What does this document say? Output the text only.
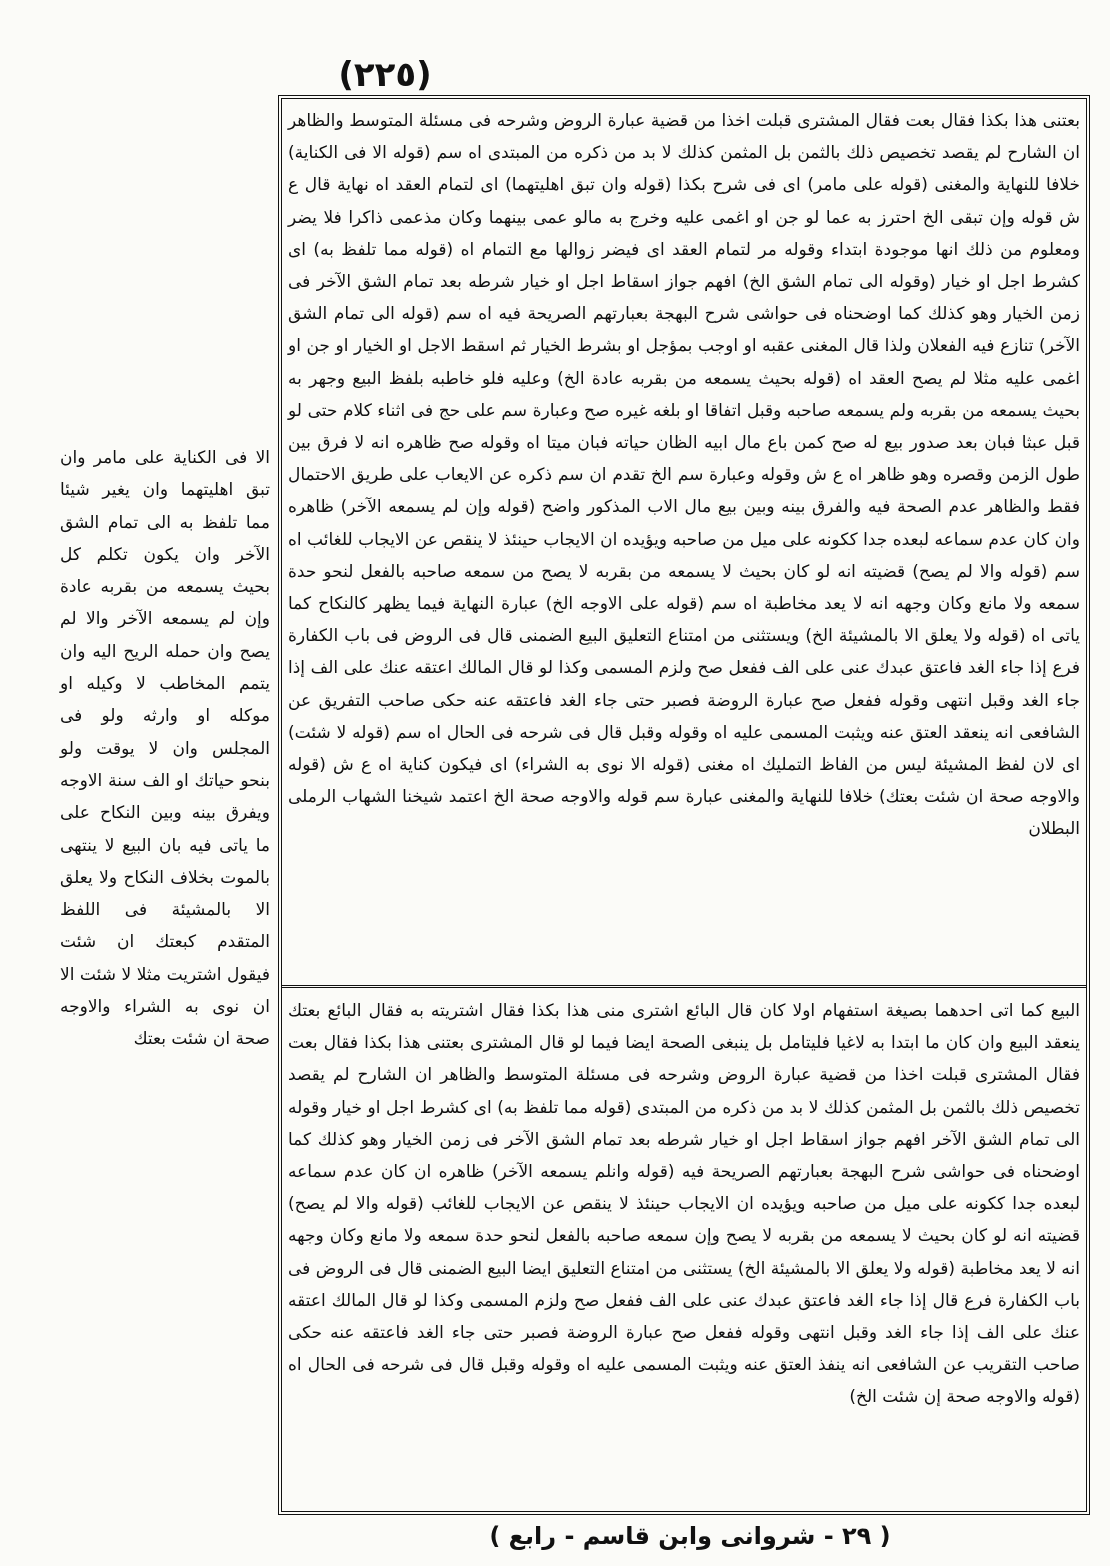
(٢٢٥)

الا فى الكناية على مامر وان تبق اهليتهما وان يغير شيئا مما تلفظ به الى تمام الشق الآخر وان يكون تكلم كل بحيث يسمعه من بقربه عادة وإن لم يسمعه الآخر والا لم يصح وان حمله الريح اليه وان يتمم المخاطب لا وكيله او موكله او وارثه ولو فى المجلس وان لا يوقت ولو بنحو حياتك او الف سنة الاوجه ويفرق بينه وبين النكاح على ما ياتى فيه بان البيع لا ينتهى بالموت بخلاف النكاح ولا يعلق الا بالمشيئة فى اللفظ المتقدم كبعتك ان شئت فيقول اشتريت مثلا لا شئت الا ان نوى به الشراء والاوجه صحة ان شئت بعتك

بعتنى هذا بكذا فقال بعت فقال المشترى قبلت اخذا من قضية عبارة الروض وشرحه فى مسئلة المتوسط والظاهر ان الشارح لم يقصد تخصيص ذلك بالثمن بل المثمن كذلك لا بد من ذكره من المبتدى اه سم (قوله الا فى الكناية) خلافا للنهاية والمغنى (قوله على مامر) اى فى شرح بكذا (قوله وان تبق اهليتهما) اى لتمام العقد اه نهاية قال ع ش قوله وإن تبقى الخ احترز به عما لو جن او اغمى عليه وخرج به مالو عمى بينهما وكان مذعمى ذاكرا فلا يضر ومعلوم من ذلك انها موجودة ابتداء وقوله مر لتمام العقد اى فيضر زوالها مع التمام اه (قوله مما تلفظ به) اى كشرط اجل او خيار (وقوله الى تمام الشق الخ) افهم جواز اسقاط اجل او خيار شرطه بعد تمام الشق الآخر فى زمن الخيار وهو كذلك كما اوضحناه فى حواشى شرح البهجة بعبارتهم الصريحة فيه اه سم (قوله الى تمام الشق الآخر) تنازع فيه الفعلان ولذا قال المغنى عقبه او اوجب بمؤجل او بشرط الخيار ثم اسقط الاجل او الخيار او جن او اغمى عليه مثلا لم يصح العقد اه (قوله بحيث يسمعه من بقربه عادة الخ) وعليه فلو خاطبه بلفظ البيع وجهر به بحيث يسمعه من بقربه ولم يسمعه صاحبه وقبل اتفاقا او بلغه غيره صح وعبارة سم على حج فى اثناء كلام حتى لو قبل عبثا فبان بعد صدور بيع له صح كمن باع مال ابيه الظان حياته فبان ميتا اه وقوله صح ظاهره انه لا فرق بين طول الزمن وقصره وهو ظاهر اه ع ش وقوله وعبارة سم الخ تقدم ان سم ذكره عن الايعاب على طريق الاحتمال فقط والظاهر عدم الصحة فيه والفرق بينه وبين بيع مال الاب المذكور واضح (قوله وإن لم يسمعه الآخر) ظاهره وان كان عدم سماعه لبعده جدا ككونه على ميل من صاحبه ويؤيده ان الايجاب حينئذ لا ينقص عن الايجاب للغائب اه سم (قوله والا لم يصح) قضيته انه لو كان بحيث لا يسمعه من بقربه لا يصح من سمعه صاحبه بالفعل لنحو حدة سمعه ولا مانع وكان وجهه انه لا يعد مخاطبة اه سم (قوله على الاوجه الخ) عبارة النهاية فيما يظهر كالنكاح كما ياتى اه (قوله ولا يعلق الا بالمشيئة الخ) ويستثنى من امتناع التعليق البيع الضمنى قال فى الروض فى باب الكفارة فرع إذا جاء الغد فاعتق عبدك عنى على الف ففعل صح ولزم المسمى وكذا لو قال المالك اعتقه عنك على الف إذا جاء الغد وقبل انتهى وقوله ففعل صح عبارة الروضة فصبر حتى جاء الغد فاعتقه عنه حكى صاحب التفريق عن الشافعى انه ينعقد العتق عنه ويثبت المسمى عليه اه وقوله وقبل قال فى شرحه فى الحال اه سم (قوله لا شئت) اى لان لفظ المشيئة ليس من الفاظ التمليك اه مغنى (قوله الا نوى به الشراء) اى فيكون كناية اه ع ش (قوله والاوجه صحة ان شئت بعتك) خلافا للنهاية والمغنى عبارة سم قوله والاوجه صحة الخ اعتمد شيخنا الشهاب الرملى البطلان

البيع كما اتى احدهما بصيغة استفهام اولا كان قال البائع اشترى منى هذا بكذا فقال اشتريته به فقال البائع بعتك ينعقد البيع وان كان ما ابتدا به لاغيا فليتامل بل ينبغى الصحة ايضا فيما لو قال المشترى بعتنى هذا بكذا فقال بعت فقال المشترى قبلت اخذا من قضية عبارة الروض وشرحه فى مسئلة المتوسط والظاهر ان الشارح لم يقصد تخصيص ذلك بالثمن بل المثمن كذلك لا بد من ذكره من المبتدى (قوله مما تلفظ به) اى كشرط اجل او خيار وقوله الى تمام الشق الآخر افهم جواز اسقاط اجل او خيار شرطه بعد تمام الشق الآخر فى زمن الخيار وهو كذلك كما اوضحناه فى حواشى شرح البهجة بعبارتهم الصريحة فيه (قوله وانلم يسمعه الآخر) ظاهره ان كان عدم سماعه لبعده جدا ككونه على ميل من صاحبه ويؤيده ان الايجاب حينئذ لا ينقص عن الايجاب للغائب (قوله والا لم يصح) قضيته انه لو كان بحيث لا يسمعه من بقربه لا يصح وإن سمعه صاحبه بالفعل لنحو حدة سمعه ولا مانع وكان وجهه انه لا يعد مخاطبة (قوله ولا يعلق الا بالمشيئة الخ) يستثنى من امتناع التعليق ايضا البيع الضمنى قال فى الروض فى باب الكفارة فرع قال إذا جاء الغد فاعتق عبدك عنى على الف ففعل صح ولزم المسمى وكذا لو قال المالك اعتقه عنك على الف إذا جاء الغد وقبل انتهى وقوله ففعل صح عبارة الروضة فصبر حتى جاء الغد فاعتقه عنه حكى صاحب التقريب عن الشافعى انه ينفذ العتق عنه ويثبت المسمى عليه اه وقوله وقبل قال فى شرحه فى الحال اه (قوله والاوجه صحة إن شئت الخ)

( ٢٩ - شروانى وابن قاسم - رابع )
